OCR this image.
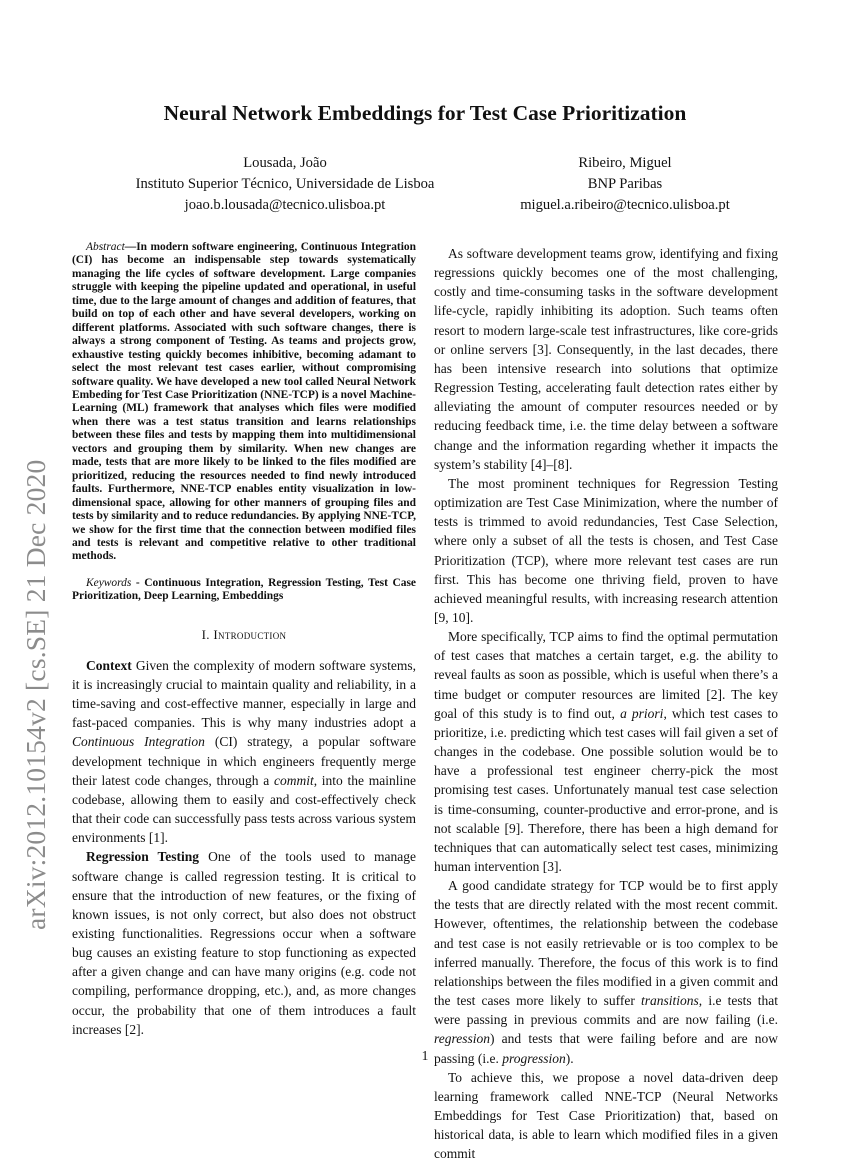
arXiv:2012.10154v2 [cs.SE] 21 Dec 2020
Neural Network Embeddings for Test Case Prioritization
Lousada, João
Instituto Superior Técnico, Universidade de Lisboa
joao.b.lousada@tecnico.ulisboa.pt
Ribeiro, Miguel
BNP Paribas
miguel.a.ribeiro@tecnico.ulisboa.pt

Abstract—In modern software engineering, Continuous Integration (CI) has become an indispensable step towards systematically managing the life cycles of software development. Large companies struggle with keeping the pipeline updated and operational, in useful time, due to the large amount of changes and addition of features, that build on top of each other and have several developers, working on different platforms. Associated with such software changes, there is always a strong component of Testing. As teams and projects grow, exhaustive testing quickly becomes inhibitive, becoming adamant to select the most relevant test cases earlier, without compromising software quality. We have developed a new tool called Neural Network Embeding for Test Case Prioritization (NNE-TCP) is a novel Machine-Learning (ML) framework that analyses which files were modified when there was a test status transition and learns relationships between these files and tests by mapping them into multidimensional vectors and grouping them by similarity. When new changes are made, tests that are more likely to be linked to the files modified are prioritized, reducing the resources needed to find newly introduced faults. Furthermore, NNE-TCP enables entity visualization in low-dimensional space, allowing for other manners of grouping files and tests by similarity and to reduce redundancies. By applying NNE-TCP, we show for the first time that the connection between modified files and tests is relevant and competitive relative to other traditional methods.

Keywords - Continuous Integration, Regression Testing, Test Case Prioritization, Deep Learning, Embeddings

I. Introduction

Context Given the complexity of modern software systems, it is increasingly crucial to maintain quality and reliability, in a time-saving and cost-effective manner, especially in large and fast-paced companies. This is why many industries adopt a Continuous Integration (CI) strategy, a popular software development technique in which engineers frequently merge their latest code changes, through a commit, into the mainline codebase, allowing them to easily and cost-effectively check that their code can successfully pass tests across various system environments [1].

Regression Testing One of the tools used to manage software change is called regression testing. It is critical to ensure that the introduction of new features, or the fixing of known issues, is not only correct, but also does not obstruct existing functionalities. Regressions occur when a software bug causes an existing feature to stop functioning as expected after a given change and can have many origins (e.g. code not compiling, performance dropping, etc.), and, as more changes occur, the probability that one of them introduces a fault increases [2].

As software development teams grow, identifying and fixing regressions quickly becomes one of the most challenging, costly and time-consuming tasks in the software development life-cycle, rapidly inhibiting its adoption. Such teams often resort to modern large-scale test infrastructures, like core-grids or online servers [3]. Consequently, in the last decades, there has been intensive research into solutions that optimize Regression Testing, accelerating fault detection rates either by alleviating the amount of computer resources needed or by reducing feedback time, i.e. the time delay between a software change and the information regarding whether it impacts the system’s stability [4]–[8].

The most prominent techniques for Regression Testing optimization are Test Case Minimization, where the number of tests is trimmed to avoid redundancies, Test Case Selection, where only a subset of all the tests is chosen, and Test Case Prioritization (TCP), where more relevant test cases are run first. This has become one thriving field, proven to have achieved meaningful results, with increasing research attention [9, 10].

More specifically, TCP aims to find the optimal permutation of test cases that matches a certain target, e.g. the ability to reveal faults as soon as possible, which is useful when there’s a time budget or computer resources are limited [2]. The key goal of this study is to find out, a priori, which test cases to prioritize, i.e. predicting which test cases will fail given a set of changes in the codebase. One possible solution would be to have a professional test engineer cherry-pick the most promising test cases. Unfortunately manual test case selection is time-consuming, counter-productive and error-prone, and is not scalable [9]. Therefore, there has been a high demand for techniques that can automatically select test cases, minimizing human intervention [3].

A good candidate strategy for TCP would be to first apply the tests that are directly related with the most recent commit. However, oftentimes, the relationship between the codebase and test case is not easily retrievable or is too complex to be inferred manually. Therefore, the focus of this work is to find relationships between the files modified in a given commit and the test cases more likely to suffer transitions, i.e tests that were passing in previous commits and are now failing (i.e. regression) and tests that were failing before and are now passing (i.e. progression).

To achieve this, we propose a novel data-driven deep learning framework called NNE-TCP (Neural Networks Embeddings for Test Case Prioritization) that, based on historical data, is able to learn which modified files in a given commit

1
